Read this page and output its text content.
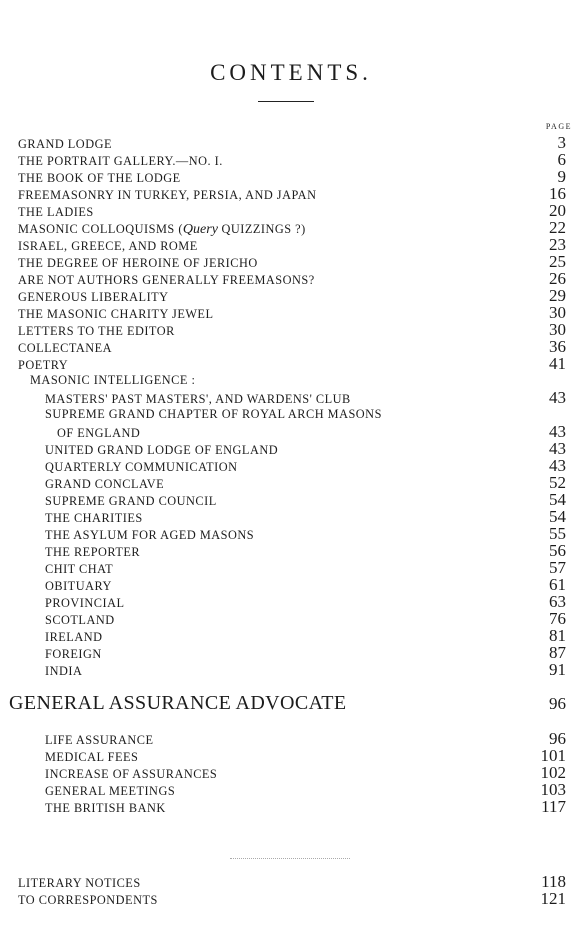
CONTENTS.
PAGE
GRAND LODGE	3
THE PORTRAIT GALLERY.—NO. I.	6
THE BOOK OF THE LODGE	9
FREEMASONRY IN TURKEY, PERSIA, AND JAPAN	16
THE LADIES	20
MASONIC COLLOQUISMS (Query QUIZZINGS ?)	22
ISRAEL, GREECE, AND ROME	23
THE DEGREE OF HEROINE OF JERICHO	25
ARE NOT AUTHORS GENERALLY FREEMASONS?	26
GENEROUS LIBERALITY	29
THE MASONIC CHARITY JEWEL	30
LETTERS TO THE EDITOR	30
COLLECTANEA	36
POETRY	41
MASONIC INTELLIGENCE :
MASTERS' PAST MASTERS', AND WARDENS' CLUB	43
SUPREME GRAND CHAPTER OF ROYAL ARCH MASONS
OF ENGLAND	43
UNITED GRAND LODGE OF ENGLAND	43
QUARTERLY COMMUNICATION	43
GRAND CONCLAVE	52
SUPREME GRAND COUNCIL	54
THE CHARITIES	54
THE ASYLUM FOR AGED MASONS	55
THE REPORTER	56
CHIT CHAT	57
OBITUARY	61
PROVINCIAL	63
SCOTLAND	76
IRELAND	81
FOREIGN	87
INDIA	91
GENERAL ASSURANCE ADVOCATE	96
LIFE ASSURANCE	96
MEDICAL FEES	101
INCREASE OF ASSURANCES	102
GENERAL MEETINGS	103
THE BRITISH BANK	117
LITERARY NOTICES	118
TO CORRESPONDENTS	121
